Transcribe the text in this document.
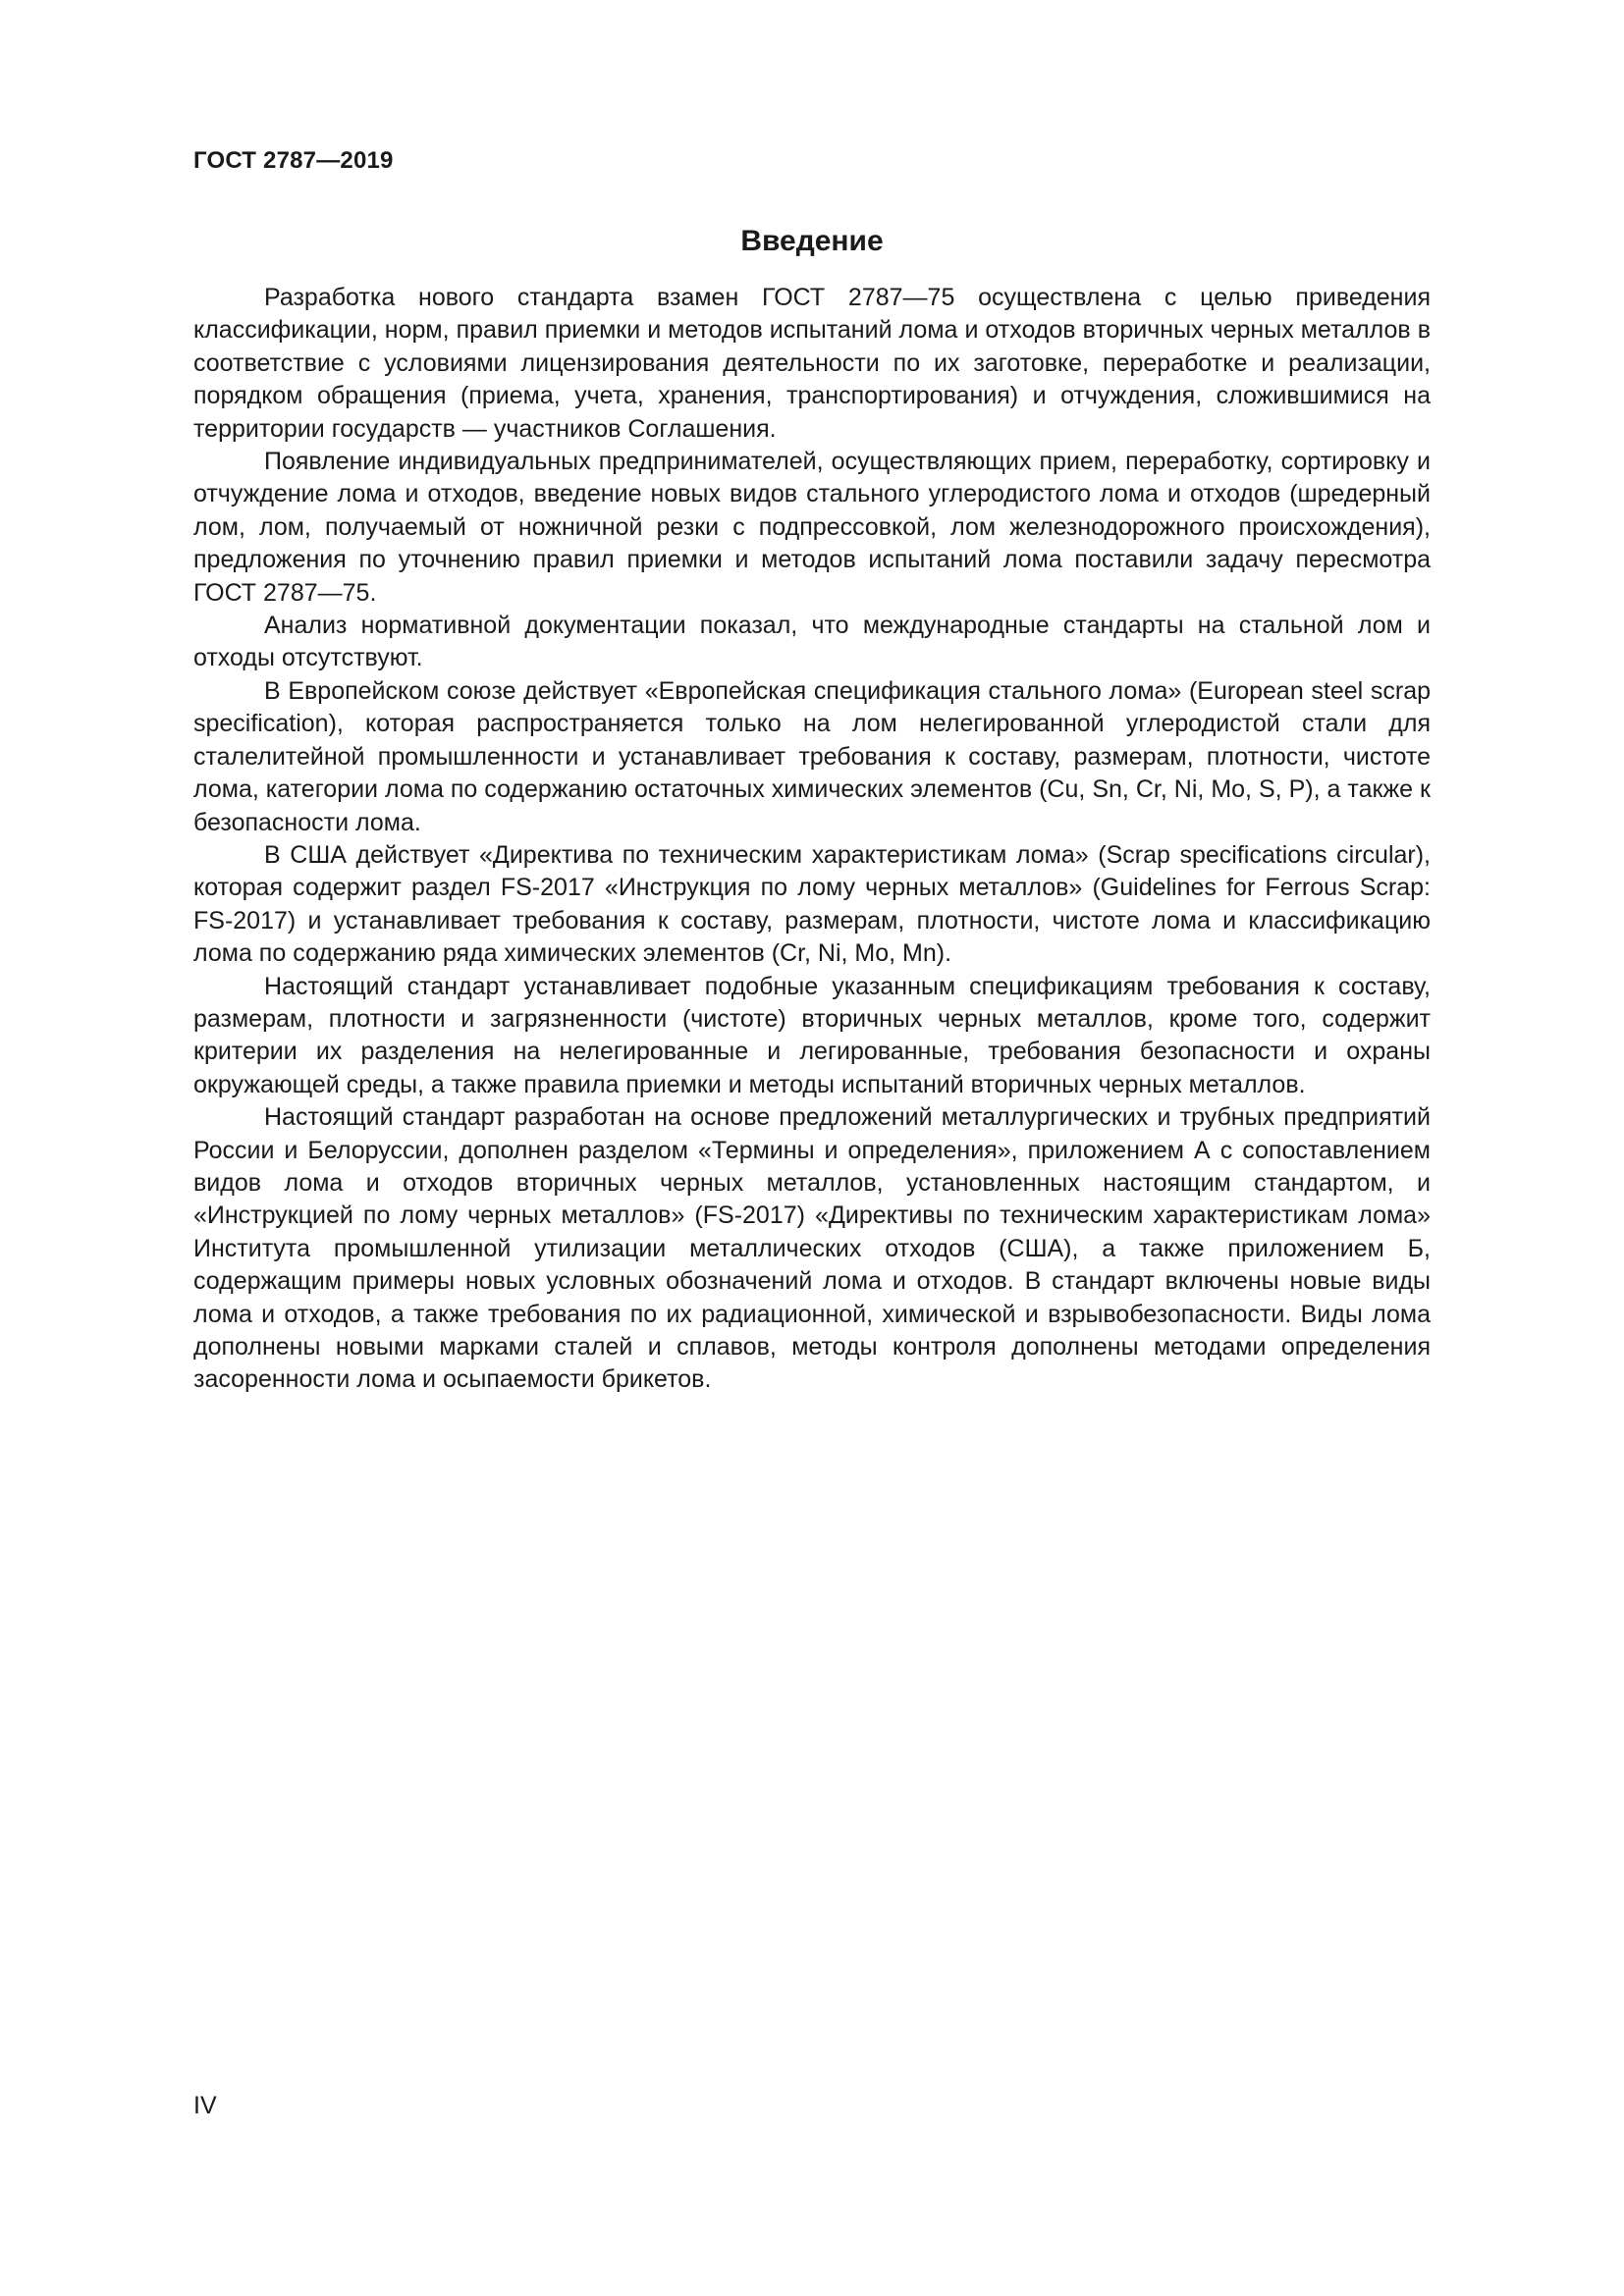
ГОСТ 2787—2019
Введение

Разработка нового стандарта взамен ГОСТ 2787—75 осуществлена с целью приведения классификации, норм, правил приемки и методов испытаний лома и отходов вторичных черных металлов в соответствие с условиями лицензирования деятельности по их заготовке, переработке и реализации, порядком обращения (приема, учета, хранения, транспортирования) и отчуждения, сложившимися на территории государств — участников Соглашения.

Появление индивидуальных предпринимателей, осуществляющих прием, переработку, сортировку и отчуждение лома и отходов, введение новых видов стального углеродистого лома и отходов (шредерный лом, лом, получаемый от ножничной резки с подпрессовкой, лом железнодорожного происхождения), предложения по уточнению правил приемки и методов испытаний лома поставили задачу пересмотра ГОСТ 2787—75.

Анализ нормативной документации показал, что международные стандарты на стальной лом и отходы отсутствуют.

В Европейском союзе действует «Европейская спецификация стального лома» (European steel scrap specification), которая распространяется только на лом нелегированной углеродистой стали для сталелитейной промышленности и устанавливает требования к составу, размерам, плотности, чистоте лома, категории лома по содержанию остаточных химических элементов (Cu, Sn, Cr, Ni, Mo, S, P), а также к безопасности лома.

В США действует «Директива по техническим характеристикам лома» (Scrap specifications circular), которая содержит раздел FS-2017 «Инструкция по лому черных металлов» (Guidelines for Ferrous Scrap: FS-2017) и устанавливает требования к составу, размерам, плотности, чистоте лома и классификацию лома по содержанию ряда химических элементов (Cr, Ni, Mo, Mn).

Настоящий стандарт устанавливает подобные указанным спецификациям требования к составу, размерам, плотности и загрязненности (чистоте) вторичных черных металлов, кроме того, содержит критерии их разделения на нелегированные и легированные, требования безопасности и охраны окружающей среды, а также правила приемки и методы испытаний вторичных черных металлов.

Настоящий стандарт разработан на основе предложений металлургических и трубных предприятий России и Белоруссии, дополнен разделом «Термины и определения», приложением А с сопоставлением видов лома и отходов вторичных черных металлов, установленных настоящим стандартом, и «Инструкцией по лому черных металлов» (FS-2017) «Директивы по техническим характеристикам лома» Института промышленной утилизации металлических отходов (США), а также приложением Б, содержащим примеры новых условных обозначений лома и отходов. В стандарт включены новые виды лома и отходов, а также требования по их радиационной, химической и взрывобезопасности. Виды лома дополнены новыми марками сталей и сплавов, методы контроля дополнены методами определения засоренности лома и осыпаемости брикетов.

IV
